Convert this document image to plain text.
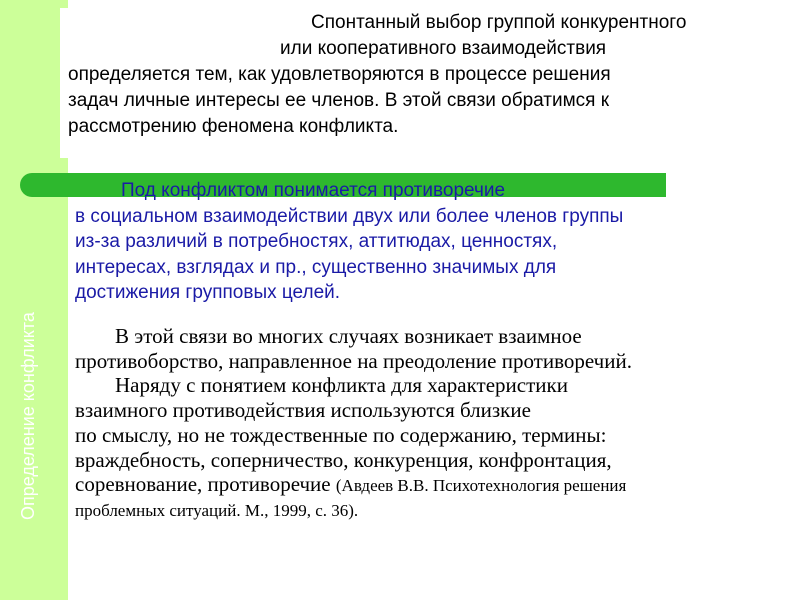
Определение конфликта
Спонтанный выбор группой конкурентного
или кооперативного взаимодействия
определяется тем, как удовлетворяются в процессе решения
задач личные интересы ее членов. В этой связи обратимся к
рассмотрению феномена конфликта.
Под конфликтом понимается противоречие
в социальном взаимодействии двух или более членов группы
из-за различий в потребностях, аттитюдах, ценностях,
интересах, взглядах и пр., существенно значимых для
достижения групповых целей.
В этой связи во многих случаях возникает взаимное
противоборство, направленное на преодоление противоречий.
Наряду с понятием конфликта для характеристики
взаимного противодействия используются близкие
по смыслу, но не тождественные по содержанию, термины:
враждебность, соперничество, конкуренция, конфронтация,
соревнование, противоречие (Авдеев В.В. Психотехнология решения
проблемных ситуаций. М., 1999, с. 36).
